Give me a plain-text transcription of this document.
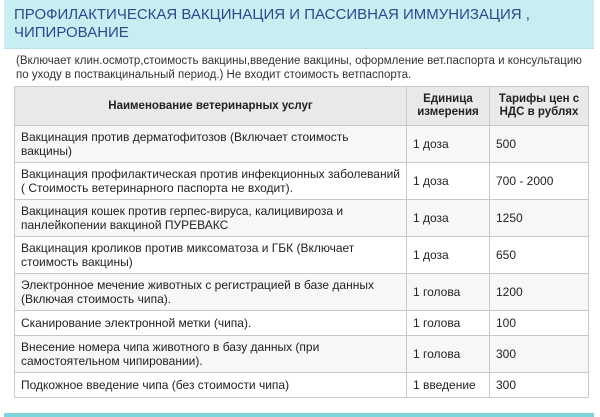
ПРОФИЛАКТИЧЕСКАЯ ВАКЦИНАЦИЯ И ПАССИВНАЯ ИММУНИЗАЦИЯ , ЧИПИРОВАНИЕ
(Включает клин.осмотр,стоимость вакцины,введение вакцины, оформление вет.паспорта и консультацию по уходу в поствакцинальный период.) Не входит стоимость ветпаспорта.
Наименование ветеринарных услуг	Единица измерения	Тарифы цен с НДС в рублях
Вакцинация против дерматофитозов (Включает стоимость вакцины)	1 доза	500
Вакцинация профилактическая против инфекционных заболеваний ( Стоимость ветеринарного паспорта не входит).	1 доза	700 - 2000
Вакцинация кошек против герпес-вируса, калицивироза и панлейкопении вакциной ПУРЕВАКС	1 доза	1250
Вакцинация кроликов против миксоматоза и ГБК (Включает стоимость вакцины)	1 доза	650
Электронное мечение животных с регистрацией в базе данных (Включая стоимость чипа).	1 голова	1200
Сканирование электронной метки (чипа).	1 голова	100
Внесение номера чипа животного в базу данных (при самостоятельном чипировании).	1 голова	300
Подкожное введение чипа (без стоимости чипа)	1 введение	300
